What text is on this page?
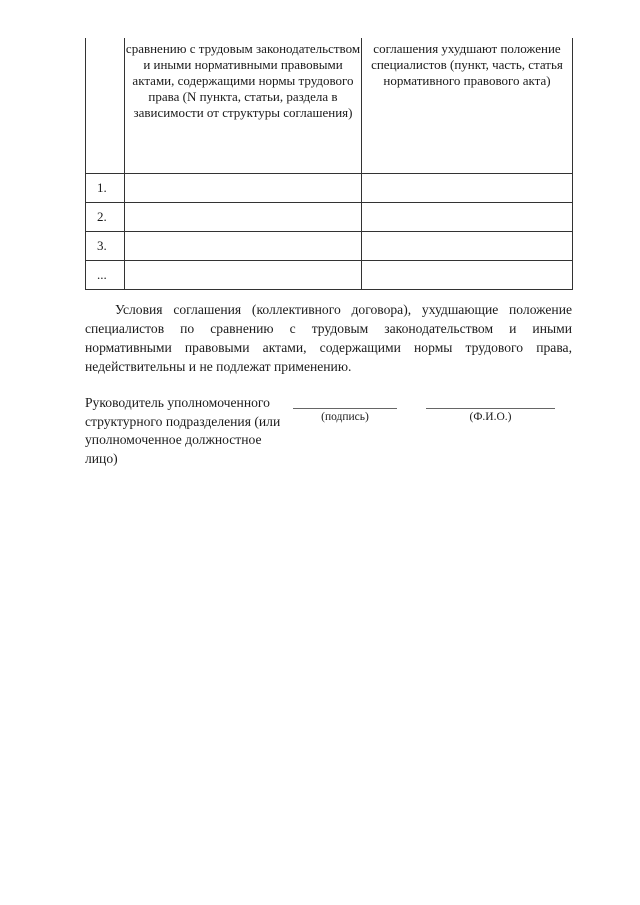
	сравнению с трудовым законодательством и иными нормативными правовыми актами, содержащими нормы трудового права (N пункта, статьи, раздела в зависимости от структуры соглашения)	соглашения ухудшают положение специалистов (пункт, часть, статья нормативного правового акта)
1.		
2.		
3.		
...		

Условия соглашения (коллективного договора), ухудшающие положение специалистов по сравнению с трудовым законодательством и иными нормативными правовыми актами, содержащими нормы трудового права, недействительны и не подлежат применению.

Руководитель уполномоченного структурного подразделения (или уполномоченное должностное лицо)

(подпись)	(Ф.И.О.)
